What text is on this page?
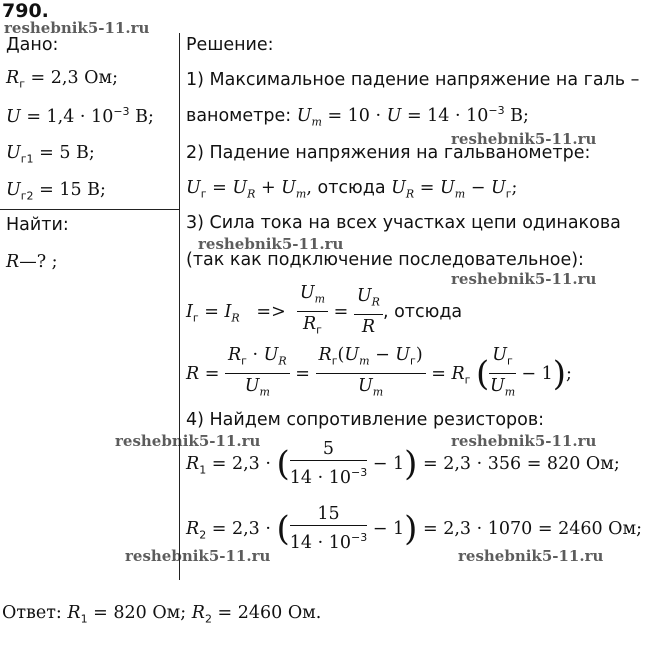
790.
Дано:
$R_г = 2,3$ Ом;
$U = 1,4 \cdot 10^{-3}$ В;
$U_{г1} = 5$ В;
$U_{г2} = 15$ В;
Найти:
R—? ;
Решение:
1) Максимальное падение напряжение на галь –
ванометре: $U_m = 10 \cdot U = 14 \cdot 10^{-3}$ В;
2) Падение напряжения на гальванометре:
$U_г = U_R + U_m$, отсюда $U_R = U_m - U_г$;
3) Сила тока на всех участках цепи одинакова
(так как подключение последовательное):
$I_г = I_R => \frac{U_m}{R_г} = \frac{U_R}{R}$ , отсюда
$R = \frac{R_г \cdot U_R}{U_m} = \frac{R_г(U_m - U_г)}{U_m} = R_г$ ( $\frac{U_г}{U_m} - 1$);
4) Найдем сопротивление резисторов:
$R_1 = 2,3$ · ( $\frac{5}{14 \cdot 10^{-3}} - 1) = 2,3 \cdot 356 = 820$ Ом;
$R_2 = 2,3$ · ( $\frac{15}{14 \cdot 10^{-3}} - 1) = 2,3 \cdot 1070 = 2460$ Ом;
Ответ: $R_1 = 820$ Ом; $R_2 = 2460$ Ом.
reshebnik5-11.ru
reshebnik5-11.ru
reshebnik5-11.ru
reshebnik5-11.ru
reshebnik5-11.ru	reshebnik5-11.ru
reshebnik5-11.ru	reshebnik5-11.ru
